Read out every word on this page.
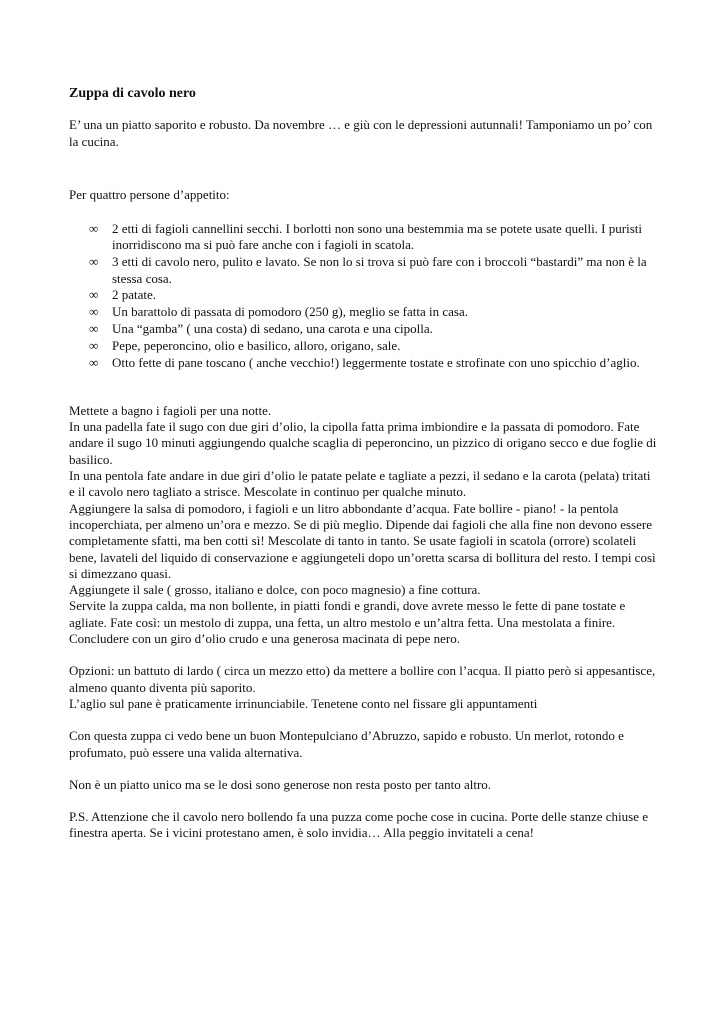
Zuppa di cavolo nero

E’ una un piatto saporito e robusto. Da novembre … e giù con le depressioni autunnali! Tamponiamo un po’ con la cucina.

Per quattro persone d’appetito:

∞ 2 etti di fagioli cannellini secchi. I borlotti non sono una bestemmia ma se potete usate quelli. I puristi inorridiscono ma si può fare anche con i fagioli in scatola.
∞ 3 etti di cavolo nero, pulito e lavato. Se non lo si trova si può fare con i broccoli “bastardi” ma non è la stessa cosa.
∞ 2 patate.
∞ Un barattolo di passata di pomodoro (250 g), meglio se fatta in casa.
∞ Una “gamba” ( una costa) di sedano, una carota e una cipolla.
∞ Pepe, peperoncino, olio e basilico, alloro, origano, sale.
∞ Otto fette di pane toscano ( anche vecchio!) leggermente tostate e strofinate con uno spicchio d’aglio.

Mettete a bagno i fagioli per una notte.

In una padella fate il sugo con due giri d’olio, la cipolla fatta prima imbiondire e la passata di pomodoro. Fate andare il sugo 10 minuti aggiungendo qualche scaglia di peperoncino, un pizzico di origano secco e due foglie di basilico.

In una pentola fate andare in due giri d’olio le patate pelate e tagliate a pezzi, il sedano e la carota (pelata) tritati e il cavolo nero tagliato a strisce. Mescolate in continuo per qualche minuto.

Aggiungere la salsa di pomodoro, i fagioli e un litro abbondante d’acqua. Fate bollire - piano! - la pentola incoperchiata, per almeno un’ora e mezzo. Se di più meglio. Dipende dai fagioli che alla fine non devono essere completamente sfatti, ma ben cotti sì! Mescolate di tanto in tanto. Se usate fagioli in scatola (orrore) scolateli bene, lavateli del liquido di conservazione e aggiungeteli dopo un’oretta scarsa di bollitura del resto. I tempi così si dimezzano quasi.

Aggiungete il sale ( grosso, italiano e dolce, con poco magnesio) a fine cottura.

Servite la zuppa calda, ma non bollente, in piatti fondi e grandi, dove avrete messo le fette di pane tostate e agliate. Fate così: un mestolo di zuppa, una fetta, un altro mestolo e un’altra fetta. Una mestolata a finire.

Concludere con un giro d’olio crudo e una generosa macinata di pepe nero.

Opzioni: un battuto di lardo ( circa un mezzo etto) da mettere a bollire con l’acqua. Il piatto però si appesantisce, almeno quanto diventa più saporito.

L’aglio sul pane è praticamente irrinunciabile. Tenetene conto nel fissare gli appuntamenti

Con questa zuppa ci vedo bene un buon Montepulciano d’Abruzzo, sapido e robusto. Un merlot, rotondo e profumato, può essere una valida alternativa.

Non è un piatto unico ma se le dosi sono generose non resta posto per tanto altro.

P.S. Attenzione che il cavolo nero bollendo fa una puzza come poche cose in cucina. Porte delle stanze chiuse e finestra aperta. Se i vicini protestano amen, è solo invidia… Alla peggio invitateli a cena!
